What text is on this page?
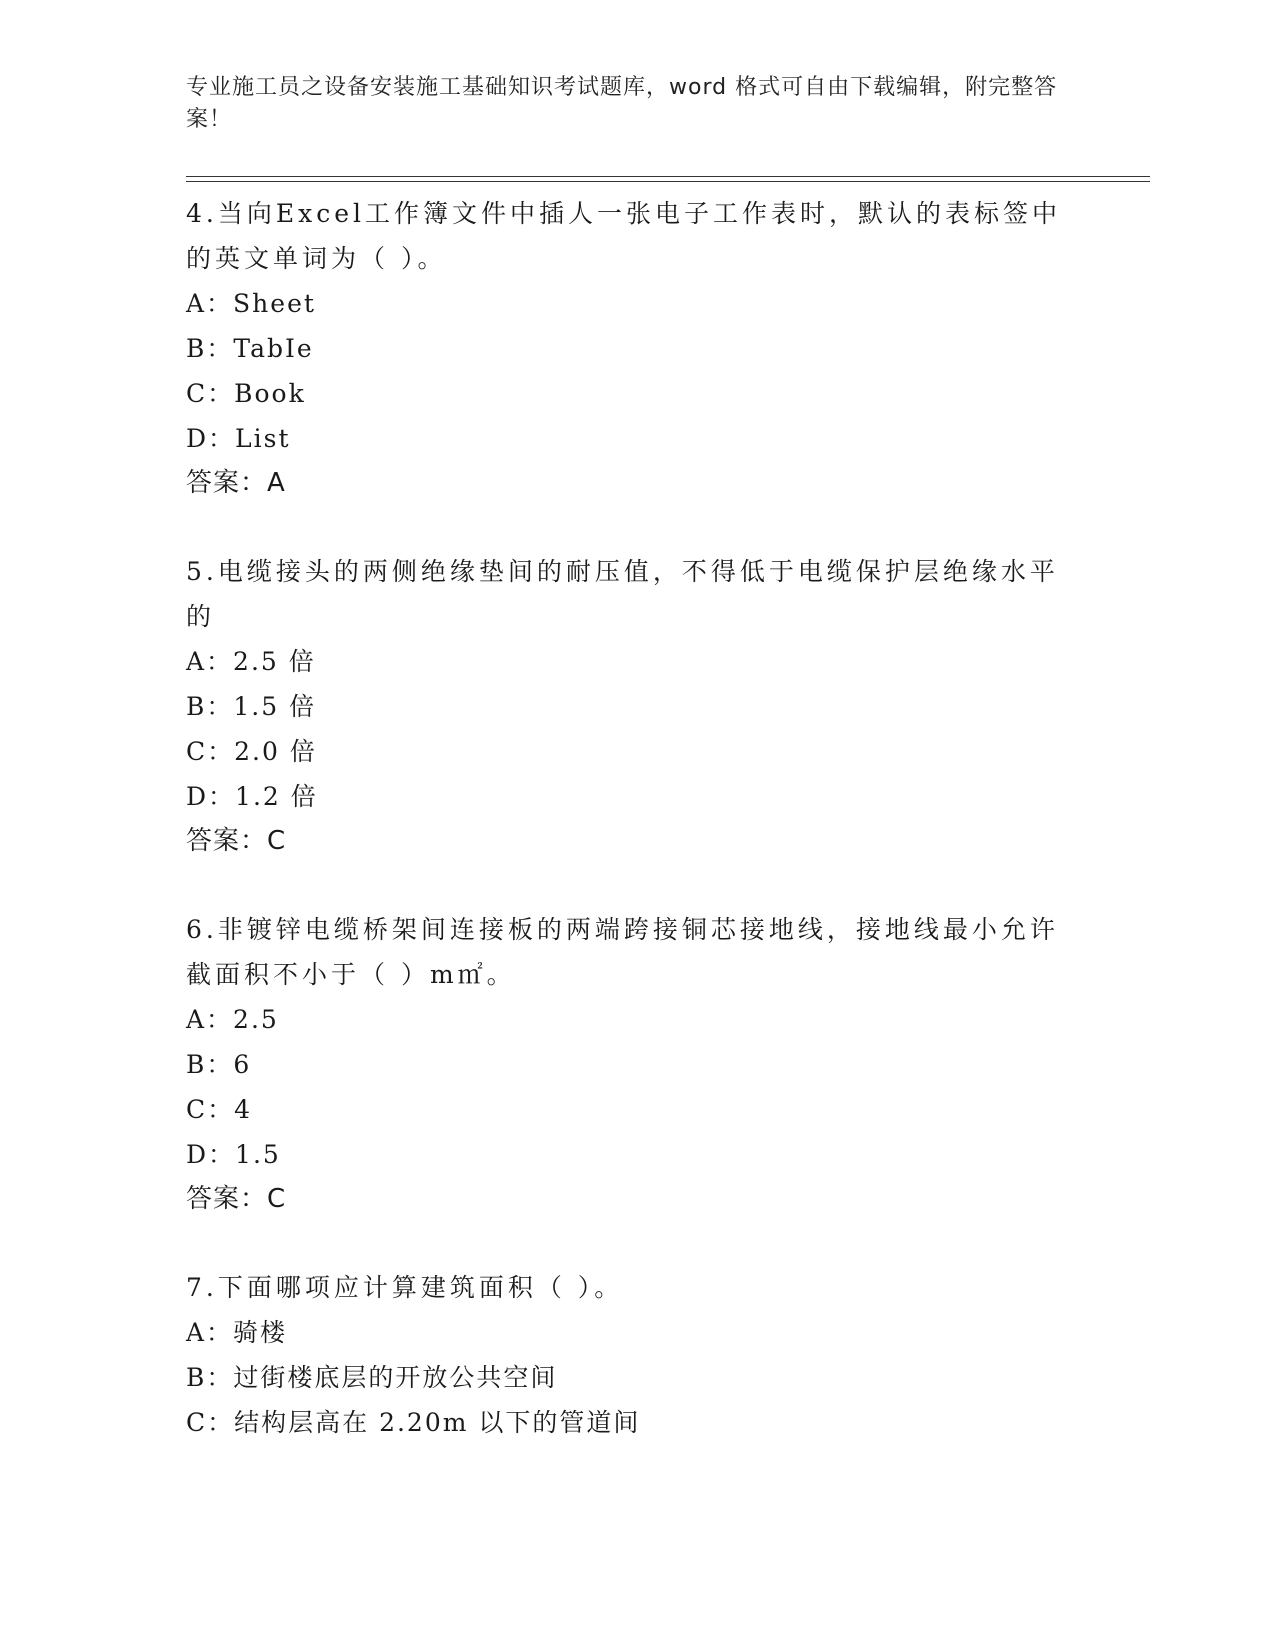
专业施工员之设备安装施工基础知识考试题库，word 格式可自由下载编辑，附完整答案！

4.当向Excel工作簿文件中插人一张电子工作表时，默认的表标签中的英文单词为（ ）。

A：Sheet

B：TabIe

C：Book

D：List

答案：A

5.电缆接头的两侧绝缘垫间的耐压值，不得低于电缆保护层绝缘水平的

A：2.5 倍

B：1.5 倍

C：2.0 倍

D：1.2 倍

答案：C

6.非镀锌电缆桥架间连接板的两端跨接铜芯接地线，接地线最小允许截面积不小于（ ）m㎡。

A：2.5

B：6

C：4

D：1.5

答案：C

7.下面哪项应计算建筑面积（ ）。

A：骑楼

B：过街楼底层的开放公共空间

C：结构层高在 2.20m 以下的管道间
